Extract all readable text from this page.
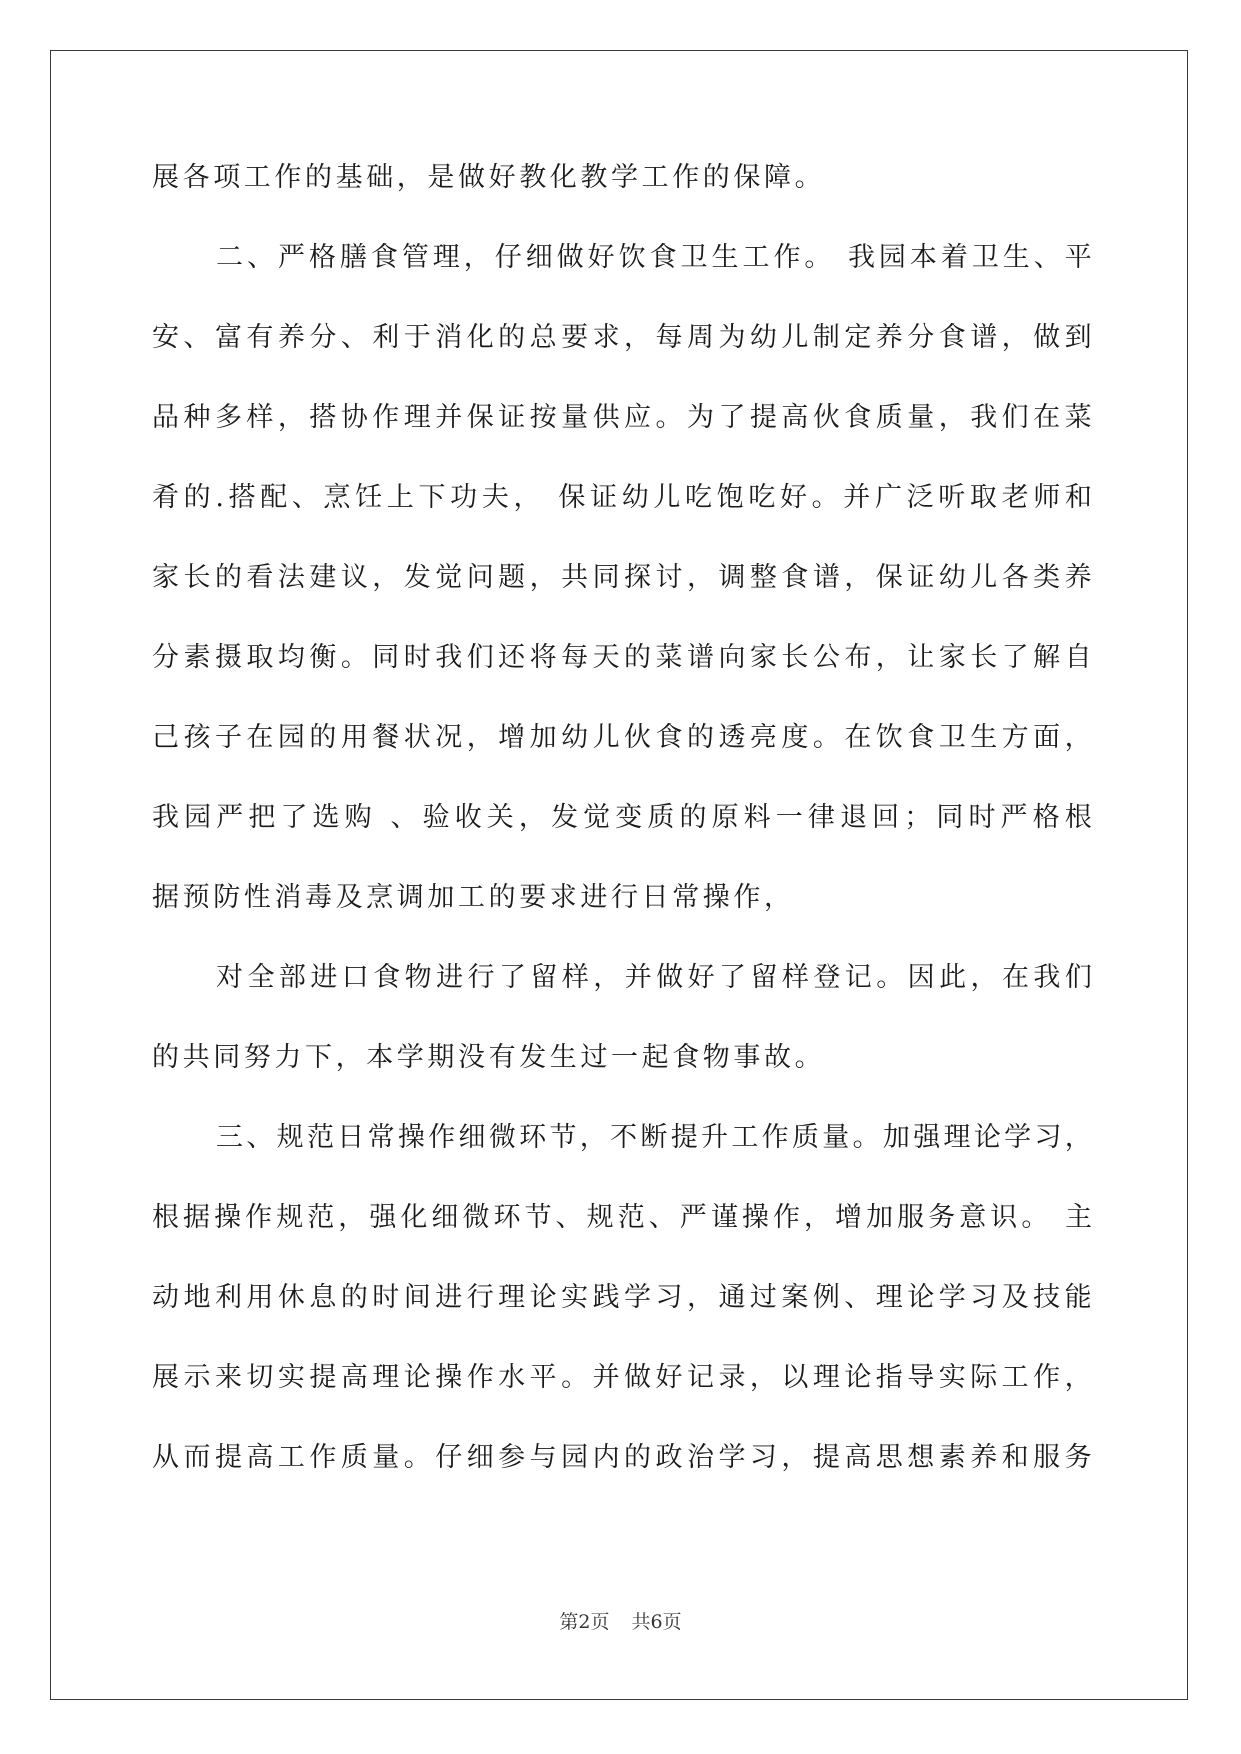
展各项工作的基础，是做好教化教学工作的保障。
二 、 严 格 膳 食 管 理 ， 仔 细 做 好 饮 食 卫 生 工 作 。
我 园 本 着 卫 生 、 平
安 、 富 有 养 分 、 利 于 消 化 的 总 要 求 ， 每 周 为 幼 儿 制 定 养 分 食 谱 ， 做 到
品 种 多 样 ， 搭 协 作 理 并 保 证 按 量 供 应 。 为 了 提 高 伙 食 质 量 ， 我 们 在 菜
肴 的 . 搭 配 、 烹 饪 上 下 功 夫 ，
保 证 幼 儿 吃 饱 吃 好 。 并 广 泛 听 取 老 师 和
家 长 的 看 法 建 议 ， 发 觉 问 题 ， 共 同 探 讨 ， 调 整 食 谱 ， 保 证 幼 儿 各 类 养
分 素 摄 取 均 衡 。 同 时 我 们 还 将 每 天 的 菜 谱 向 家 长 公 布 ， 让 家 长 了 解 自
己 孩 子 在 园 的 用 餐 状 况 ， 增 加 幼 儿 伙 食 的 透 亮 度 。 在 饮 食 卫 生 方 面 ，
我 园 严 把 了 选 购
、 验 收 关 ， 发 觉 变 质 的 原 料 一 律 退 回 ； 同 时 严 格 根
据预防性消毒及烹调加工的要求进行日常操作，
对 全 部 进 口 食 物 进 行 了 留 样 ， 并 做 好 了 留 样 登 记 。 因 此 ， 在 我 们
的共同努力下，本学期没有发生过一起食物事故。
三 、 规 范 日 常 操 作 细 微 环 节 ， 不 断 提 升 工 作 质 量 。 加 强 理 论 学 习 ，
根 据 操 作 规 范 ， 强 化 细 微 环 节 、 规 范 、 严 谨 操 作 ， 增 加 服 务 意 识 。
主
动 地 利 用 休 息 的 时 间 进 行 理 论 实 践 学 习 ， 通 过 案 例 、 理 论 学 习 及 技 能
展 示 来 切 实 提 高 理 论 操 作 水 平 。 并 做 好 记 录 ， 以 理 论 指 导 实 际 工 作 ，
从 而 提 高 工 作 质 量 。 仔 细 参 与 园 内 的 政 治 学 习 ， 提 高 思 想 素 养 和 服 务
第2页 共6页
